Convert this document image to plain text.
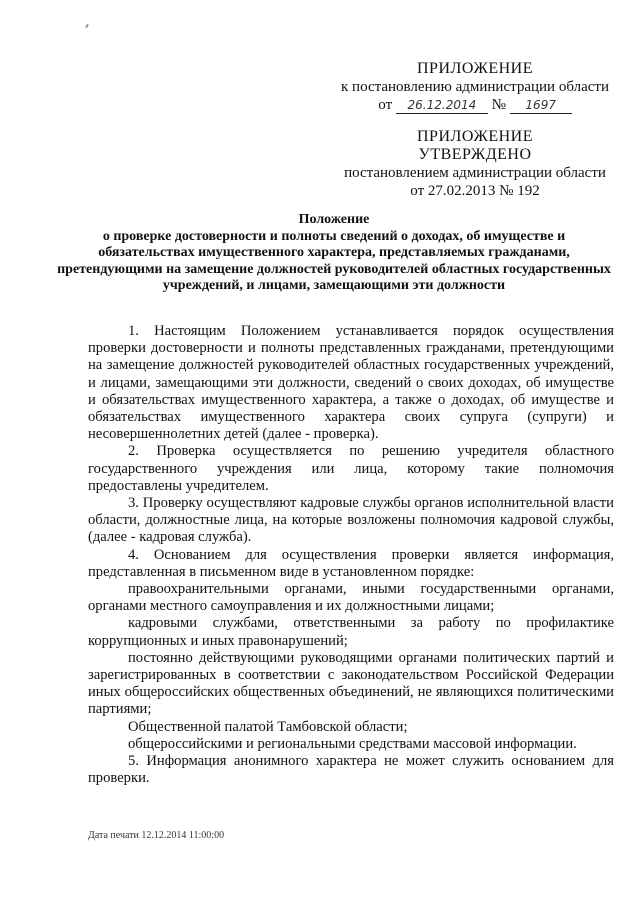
ПРИЛОЖЕНИЕ
к постановлению администрации области
от 26.12.2014 № 1697
ПРИЛОЖЕНИЕ
УТВЕРЖДЕНО
постановлением администрации области
от 27.02.2013 № 192
Положение
о проверке достоверности и полноты сведений о доходах, об имуществе и обязательствах имущественного характера, представляемых гражданами, претендующими на замещение должностей руководителей областных государственных учреждений, и лицами, замещающими эти должности

1. Настоящим Положением устанавливается порядок осуществления проверки достоверности и полноты представленных гражданами, претендующими на замещение должностей руководителей областных государственных учреждений, и лицами, замещающими эти должности, сведений о своих доходах, об имуществе и обязательствах имущественного характера, а также о доходах, об имуществе и обязательствах имущественного характера своих супруга (супруги) и несовершеннолетних детей (далее - проверка).

2. Проверка осуществляется по решению учредителя областного государственного учреждения или лица, которому такие полномочия предоставлены учредителем.

3. Проверку осуществляют кадровые службы органов исполнительной власти области, должностные лица, на которые возложены полномочия кадровой службы, (далее - кадровая служба).

4. Основанием для осуществления проверки является информация, представленная в письменном виде в установленном порядке:

правоохранительными органами, иными государственными органами, органами местного самоуправления и их должностными лицами;

кадровыми службами, ответственными за работу по профилактике коррупционных и иных правонарушений;

постоянно действующими руководящими органами политических партий и зарегистрированных в соответствии с законодательством Российской Федерации иных общероссийских общественных объединений, не являющихся политическими партиями;

Общественной палатой Тамбовской области;

общероссийскими и региональными средствами массовой информации.

5. Информация анонимного характера не может служить основанием для проверки.

Дата печати 12.12.2014 11:00:00
